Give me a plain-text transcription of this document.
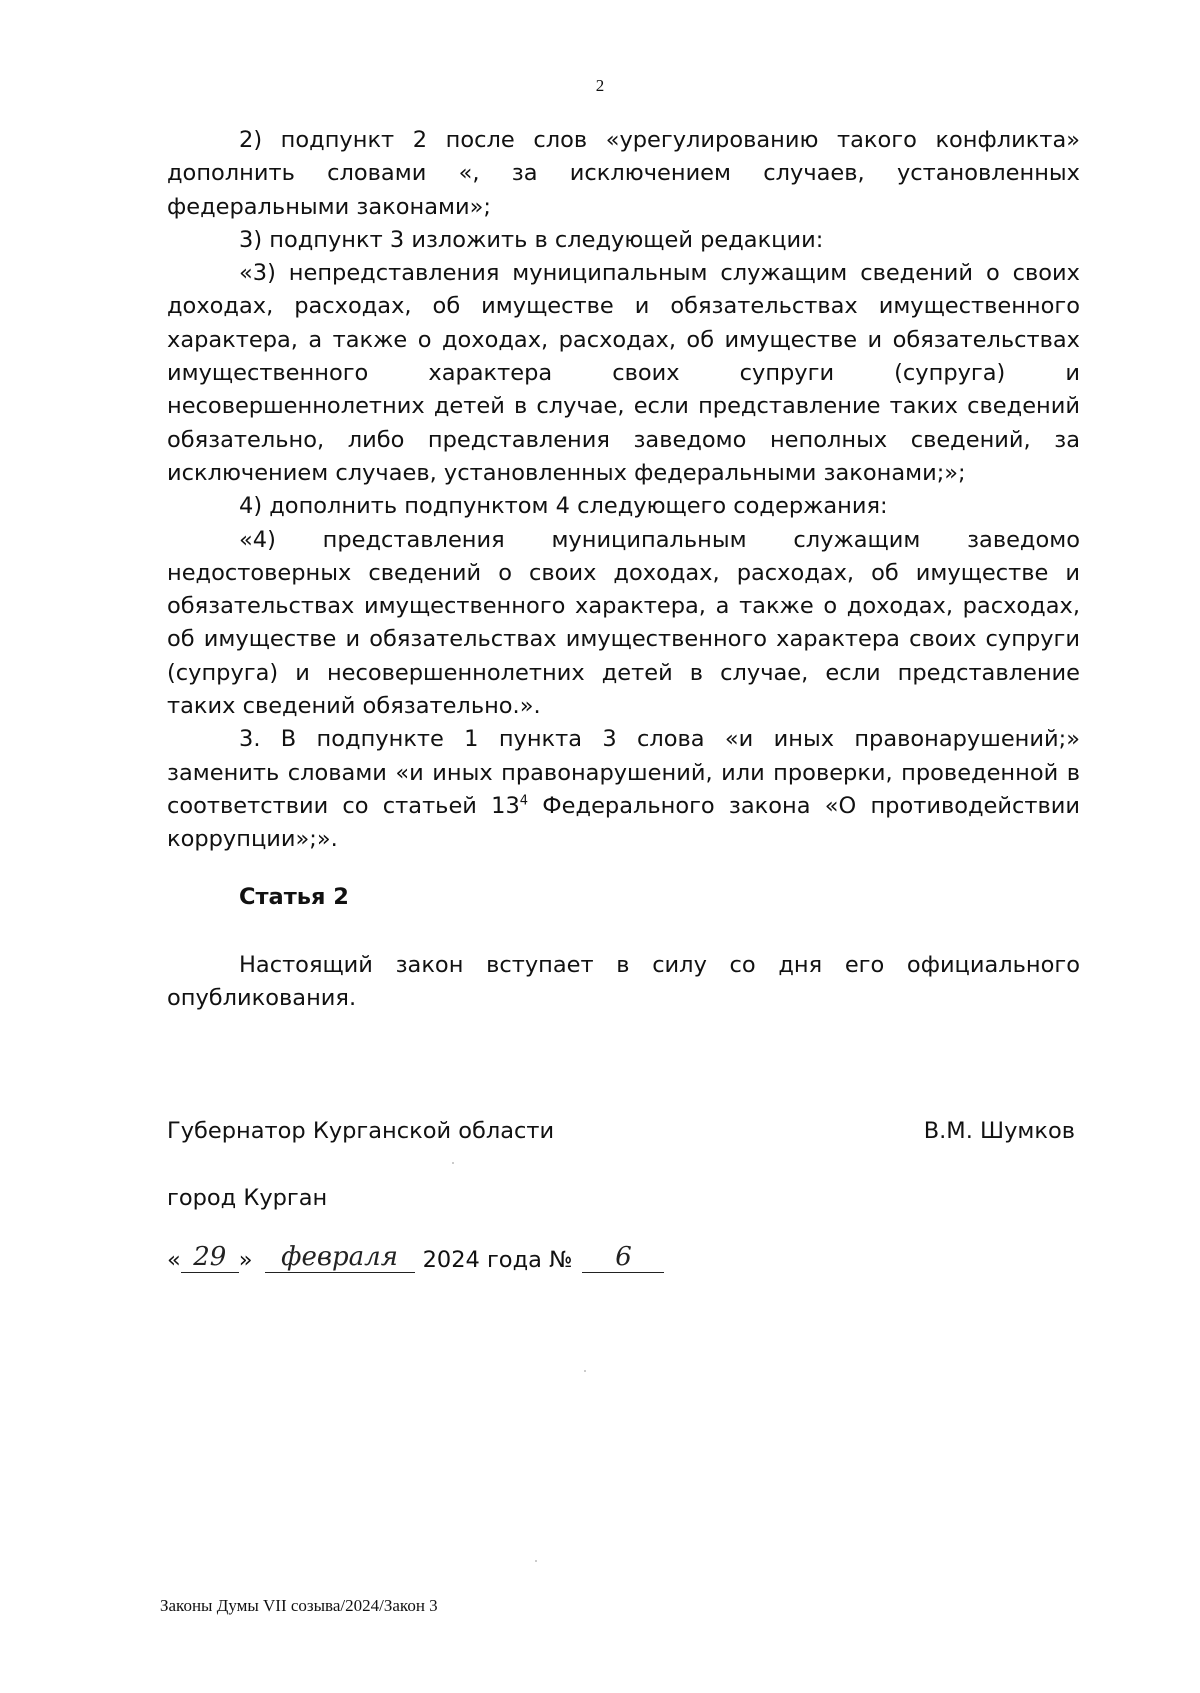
2

2) подпункт 2 после слов «урегулированию такого конфликта» дополнить словами «, за исключением случаев, установленных федеральными законами»;

3) подпункт 3 изложить в следующей редакции:

«3) непредставления муниципальным служащим сведений о своих доходах, расходах, об имуществе и обязательствах имущественного характера, а также о доходах, расходах, об имуществе и обязательствах имущественного характера своих супруги (супруга) и несовершеннолетних детей в случае, если представление таких сведений обязательно, либо представления заведомо неполных сведений, за исключением случаев, установленных федеральными законами;»;

4) дополнить подпунктом 4 следующего содержания:

«4) представления муниципальным служащим заведомо недостоверных сведений о своих доходах, расходах, об имуществе и обязательствах имущественного характера, а также о доходах, расходах, об имуществе и обязательствах имущественного характера своих супруги (супруга) и несовершеннолетних детей в случае, если представление таких сведений обязательно.».

3. В подпункте 1 пункта 3 слова «и иных правонарушений;» заменить словами «и иных правонарушений, или проверки, проведенной в соответствии со статьей $13^4$ Федерального закона «О противодействии коррупции»;».

Статья 2

Настоящий закон вступает в силу со дня его официального опубликования.

Губернатор Курганской области	В.М. Шумков
город Курган
« 29 »	февраля	2024 года №	6
Законы Думы VII созыва/2024/Закон 3
